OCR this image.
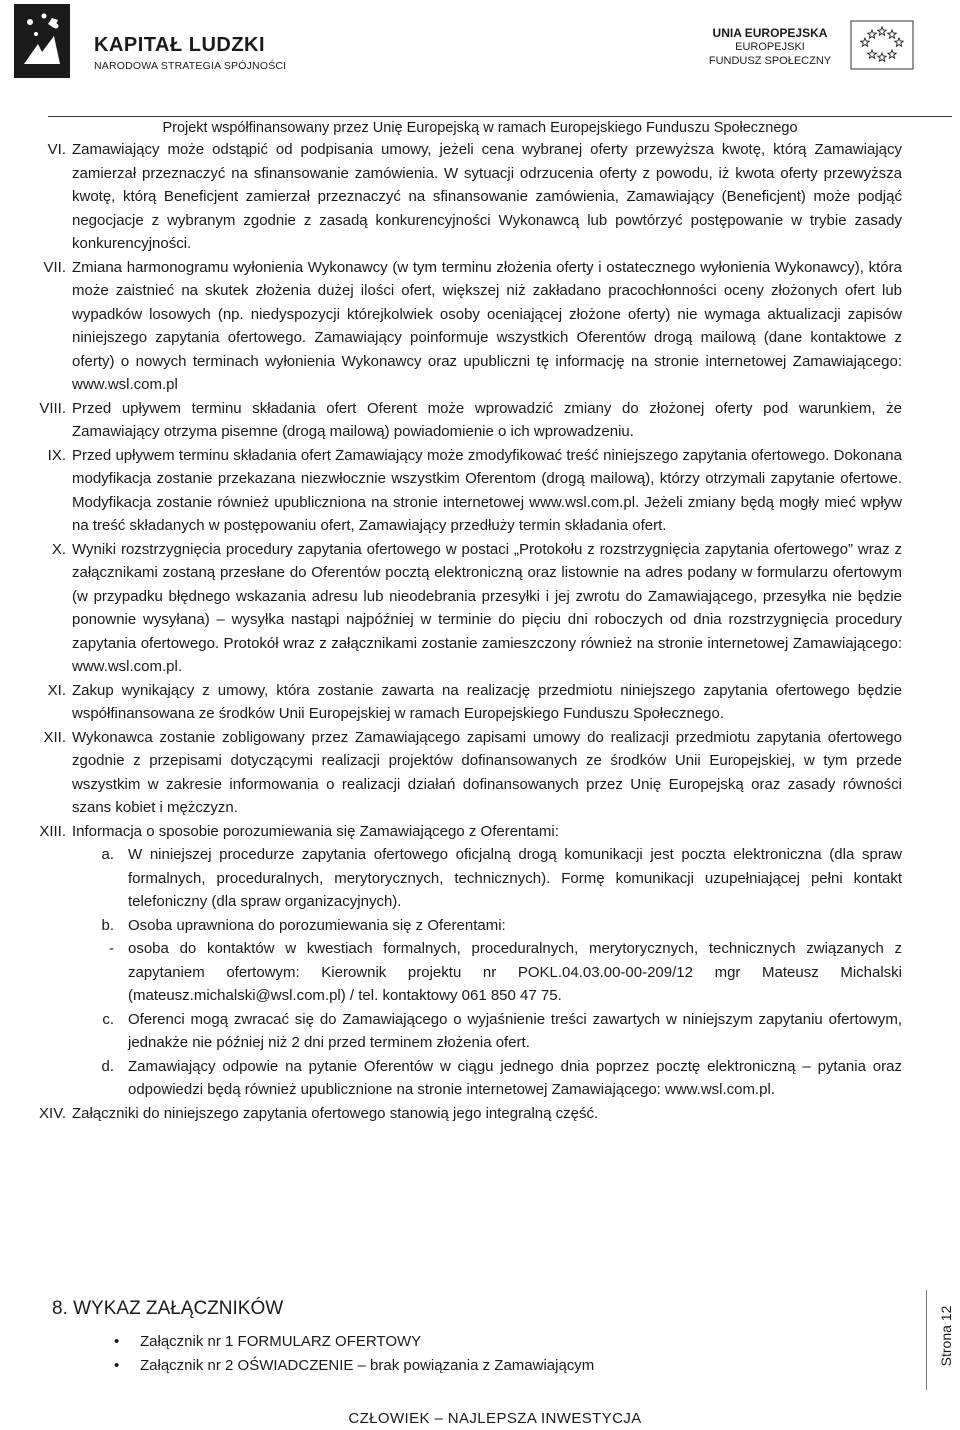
KAPITAŁ LUDZKI
NARODOWA STRATEGIA SPÓJNOŚCI
UNIA EUROPEJSKA
EUROPEJSKI
FUNDUSZ SPOŁECZNY
Projekt współfinansowany przez Unię Europejską w ramach Europejskiego Funduszu Społecznego
VI. Zamawiający może odstąpić od podpisania umowy, jeżeli cena wybranej oferty przewyższa kwotę, którą Zamawiający zamierzał przeznaczyć na sfinansowanie zamówienia. W sytuacji odrzucenia oferty z powodu, iż kwota oferty przewyższa kwotę, którą Beneficjent zamierzał przeznaczyć na sfinansowanie zamówienia, Zamawiający (Beneficjent) może podjąć negocjacje z wybranym zgodnie z zasadą konkurencyjności Wykonawcą lub powtórzyć postępowanie w trybie zasady konkurencyjności.
VII. Zmiana harmonogramu wyłonienia Wykonawcy (w tym terminu złożenia oferty i ostatecznego wyłonienia Wykonawcy), która może zaistnieć na skutek złożenia dużej ilości ofert, większej niż zakładano pracochłonności oceny złożonych ofert lub wypadków losowych (np. niedyspozycji którejkolwiek osoby oceniającej złożone oferty) nie wymaga aktualizacji zapisów niniejszego zapytania ofertowego. Zamawiający poinformuje wszystkich Oferentów drogą mailową (dane kontaktowe z oferty) o nowych terminach wyłonienia Wykonawcy oraz upubliczni tę informację na stronie internetowej Zamawiającego: www.wsl.com.pl
VIII. Przed upływem terminu składania ofert Oferent może wprowadzić zmiany do złożonej oferty pod warunkiem, że Zamawiający otrzyma pisemne (drogą mailową) powiadomienie o ich wprowadzeniu.
IX. Przed upływem terminu składania ofert Zamawiający może zmodyfikować treść niniejszego zapytania ofertowego. Dokonana modyfikacja zostanie przekazana niezwłocznie wszystkim Oferentom (drogą mailową), którzy otrzymali zapytanie ofertowe. Modyfikacja zostanie również upubliczniona na stronie internetowej www.wsl.com.pl. Jeżeli zmiany będą mogły mieć wpływ na treść składanych w postępowaniu ofert, Zamawiający przedłuży termin składania ofert.
X. Wyniki rozstrzygnięcia procedury zapytania ofertowego w postaci „Protokołu z rozstrzygnięcia zapytania ofertowego” wraz z załącznikami zostaną przesłane do Oferentów pocztą elektroniczną oraz listownie na adres podany w formularzu ofertowym (w przypadku błędnego wskazania adresu lub nieodebrania przesyłki i jej zwrotu do Zamawiającego, przesyłka nie będzie ponownie wysyłana) – wysyłka nastąpi najpóźniej w terminie do pięciu dni roboczych od dnia rozstrzygnięcia procedury zapytania ofertowego. Protokół wraz z załącznikami zostanie zamieszczony również na stronie internetowej Zamawiającego: www.wsl.com.pl.
XI. Zakup wynikający z umowy, która zostanie zawarta na realizację przedmiotu niniejszego zapytania ofertowego będzie współfinansowana ze środków Unii Europejskiej w ramach Europejskiego Funduszu Społecznego.
XII. Wykonawca zostanie zobligowany przez Zamawiającego zapisami umowy do realizacji przedmiotu zapytania ofertowego zgodnie z przepisami dotyczącymi realizacji projektów dofinansowanych ze środków Unii Europejskiej, w tym przede wszystkim w zakresie informowania o realizacji działań dofinansowanych przez Unię Europejską oraz zasady równości szans kobiet i mężczyzn.
XIII. Informacja o sposobie porozumiewania się Zamawiającego z Oferentami:
a. W niniejszej procedurze zapytania ofertowego oficjalną drogą komunikacji jest poczta elektroniczna (dla spraw formalnych, proceduralnych, merytorycznych, technicznych). Formę komunikacji uzupełniającej pełni kontakt telefoniczny (dla spraw organizacyjnych).
b. Osoba uprawniona do porozumiewania się z Oferentami:
- osoba do kontaktów w kwestiach formalnych, proceduralnych, merytorycznych, technicznych związanych z zapytaniem ofertowym: Kierownik projektu nr POKL.04.03.00-00-209/12 mgr Mateusz Michalski (mateusz.michalski@wsl.com.pl) / tel. kontaktowy 061 850 47 75.
c. Oferenci mogą zwracać się do Zamawiającego o wyjaśnienie treści zawartych w niniejszym zapytaniu ofertowym, jednakże nie później niż 2 dni przed terminem złożenia ofert.
d. Zamawiający odpowie na pytanie Oferentów w ciągu jednego dnia poprzez pocztę elektroniczną – pytania oraz odpowiedzi będą również upublicznione na stronie internetowej Zamawiającego: www.wsl.com.pl.
XIV. Załączniki do niniejszego zapytania ofertowego stanowią jego integralną część.
8. WYKAZ ZAŁĄCZNIKÓW
•	Załącznik nr 1 FORMULARZ OFERTOWY
•	Załącznik nr 2 OŚWIADCZENIE – brak powiązania z Zamawiającym	Strona 12
CZŁOWIEK – NAJLEPSZA INWESTYCJA
